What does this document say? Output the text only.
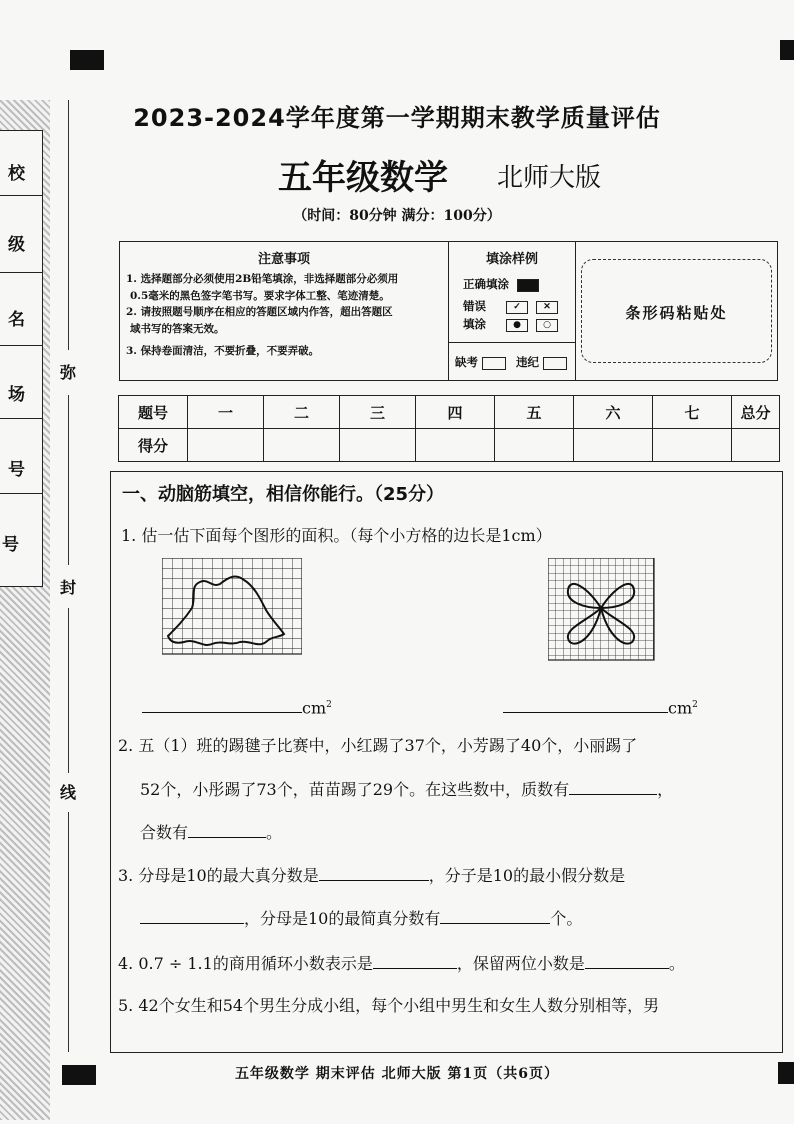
校
级
名
场
号
号
弥
封
线
2023-2024学年度第一学期期末教学质量评估
五年级数学 北师大版
（时间：80分钟 满分：100分）
注意事项

1. 选择题部分必须使用2B铅笔填涂，非选择题部分必须用

0.5毫米的黑色签字笔书写。要求字体工整、笔迹清楚。

2. 请按照题号顺序在相应的答题区域内作答，超出答题区

域书写的答案无效。

3. 保持卷面清洁，不要折叠，不要弄破。

填涂样例
正确填涂
错误	✓ ✕
填涂	● ○
缺考	违纪
条形码粘贴处
题号	一	二	三	四	五	六	七	总分
得分								
一、动脑筋填空，相信你能行。（25分）
1. 估一估下面每个图形的面积。（每个小方格的边长是1cm）
$cm^2$	$cm^2$
2. 五（1）班的踢毽子比赛中，小红踢了37个，小芳踢了40个，小丽踢了
52个，小彤踢了73个，苗苗踢了29个。在这些数中，质数有	，
合数有	。
3. 分母是10的最大真分数是	，分子是10的最小假分数是
，分母是10的最简真分数有	个。
4. 0.7 ÷ 1.1的商用循环小数表示是	，保留两位小数是	。
5. 42个女生和54个男生分成小组，每个小组中男生和女生人数分别相等，男
五年级数学 期末评估 北师大版 第1页（共6页）
